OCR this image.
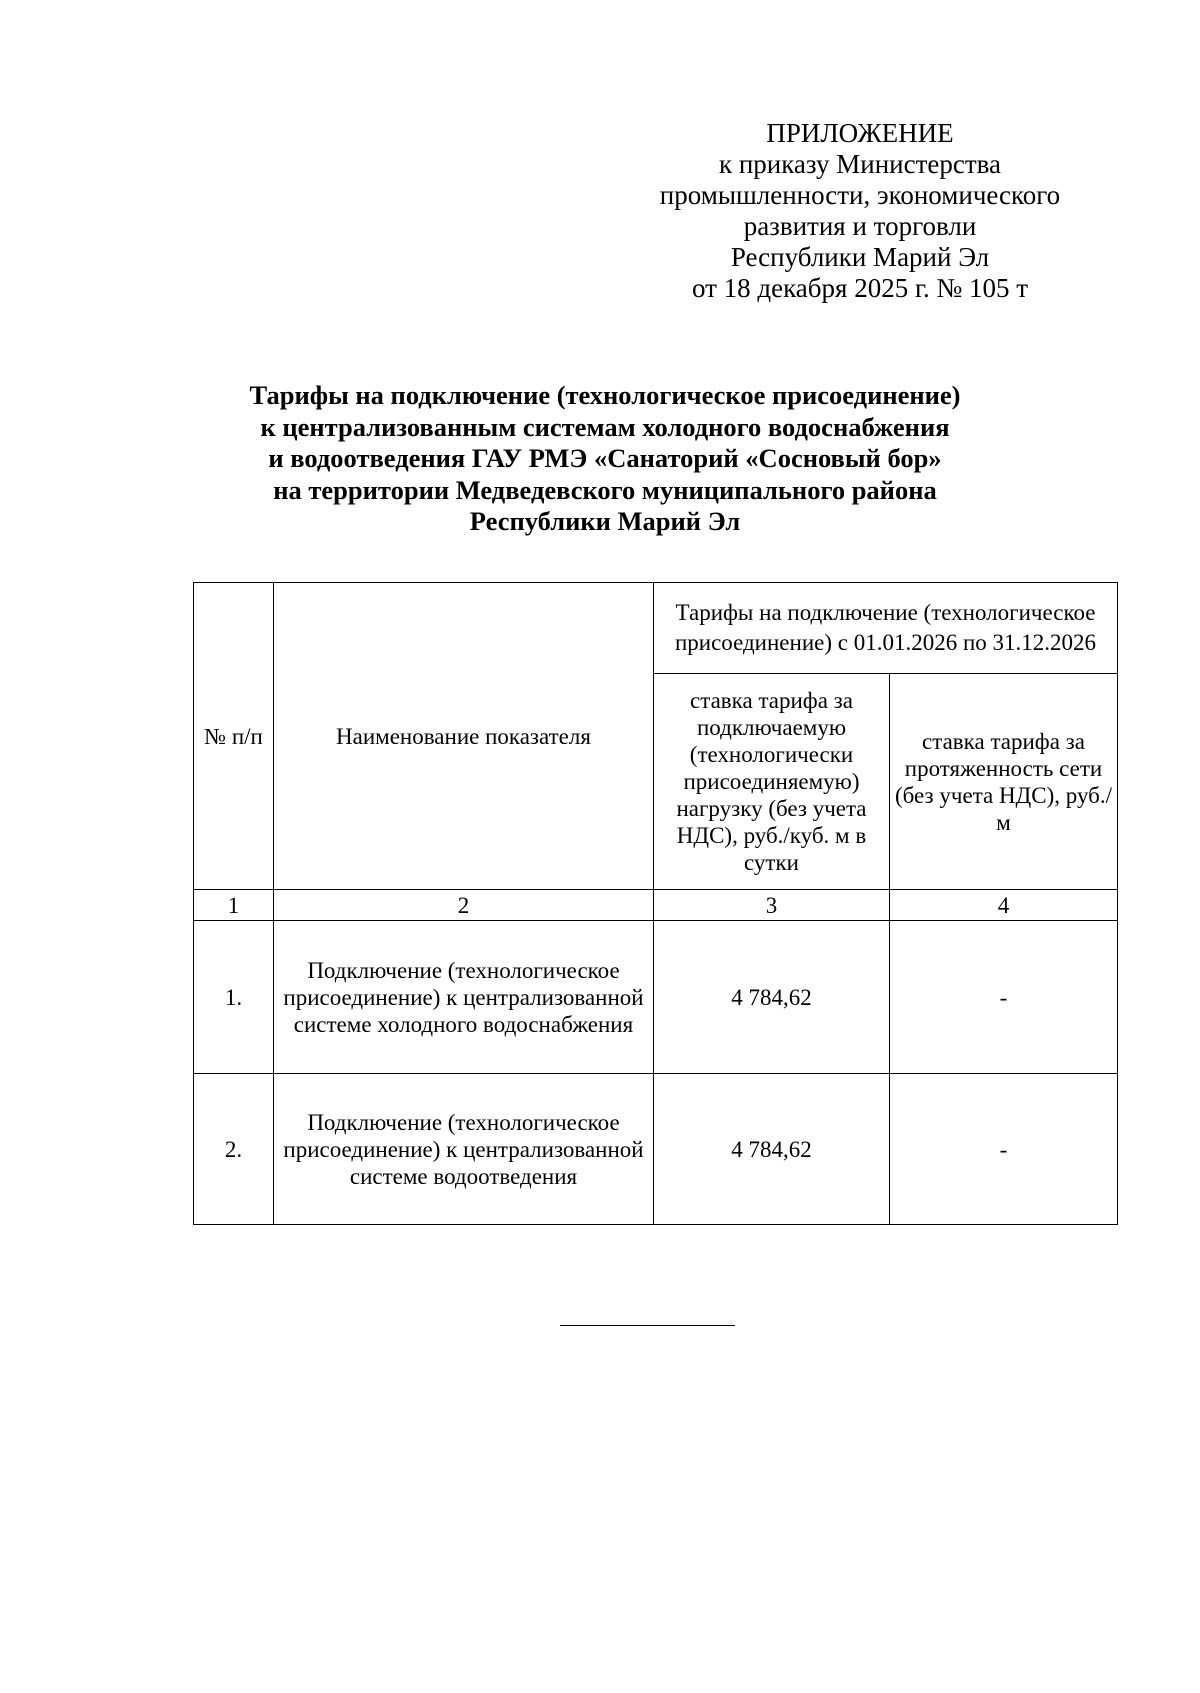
ПРИЛОЖЕНИЕ
к приказу Министерства
промышленности, экономического
развития и торговли
Республики Марий Эл
от 18 декабря 2025 г. № 105 т
Тарифы на подключение (технологическое присоединение)
к централизованным системам холодного водоснабжения
и водоотведения ГАУ РМЭ «Санаторий «Сосновый бор»
на территории Медведевского муниципального района
Республики Марий Эл
№ п/п	Наименование показателя	Тарифы на подключение (технологическое присоединение) с 01.01.2026 по 31.12.2026	
		ставка тарифа за подключаемую (технологически присоединяемую) нагрузку (без учета НДС), руб./куб. м в сутки	ставка тарифа за протяженность сети (без учета НДС), руб./м
1	2	3	4
1.	Подключение (технологическое присоединение) к централизованной системе холодного водоснабжения	4 784,62	-
2.	Подключение (технологическое присоединение) к централизованной системе водоотведения	4 784,62	-
